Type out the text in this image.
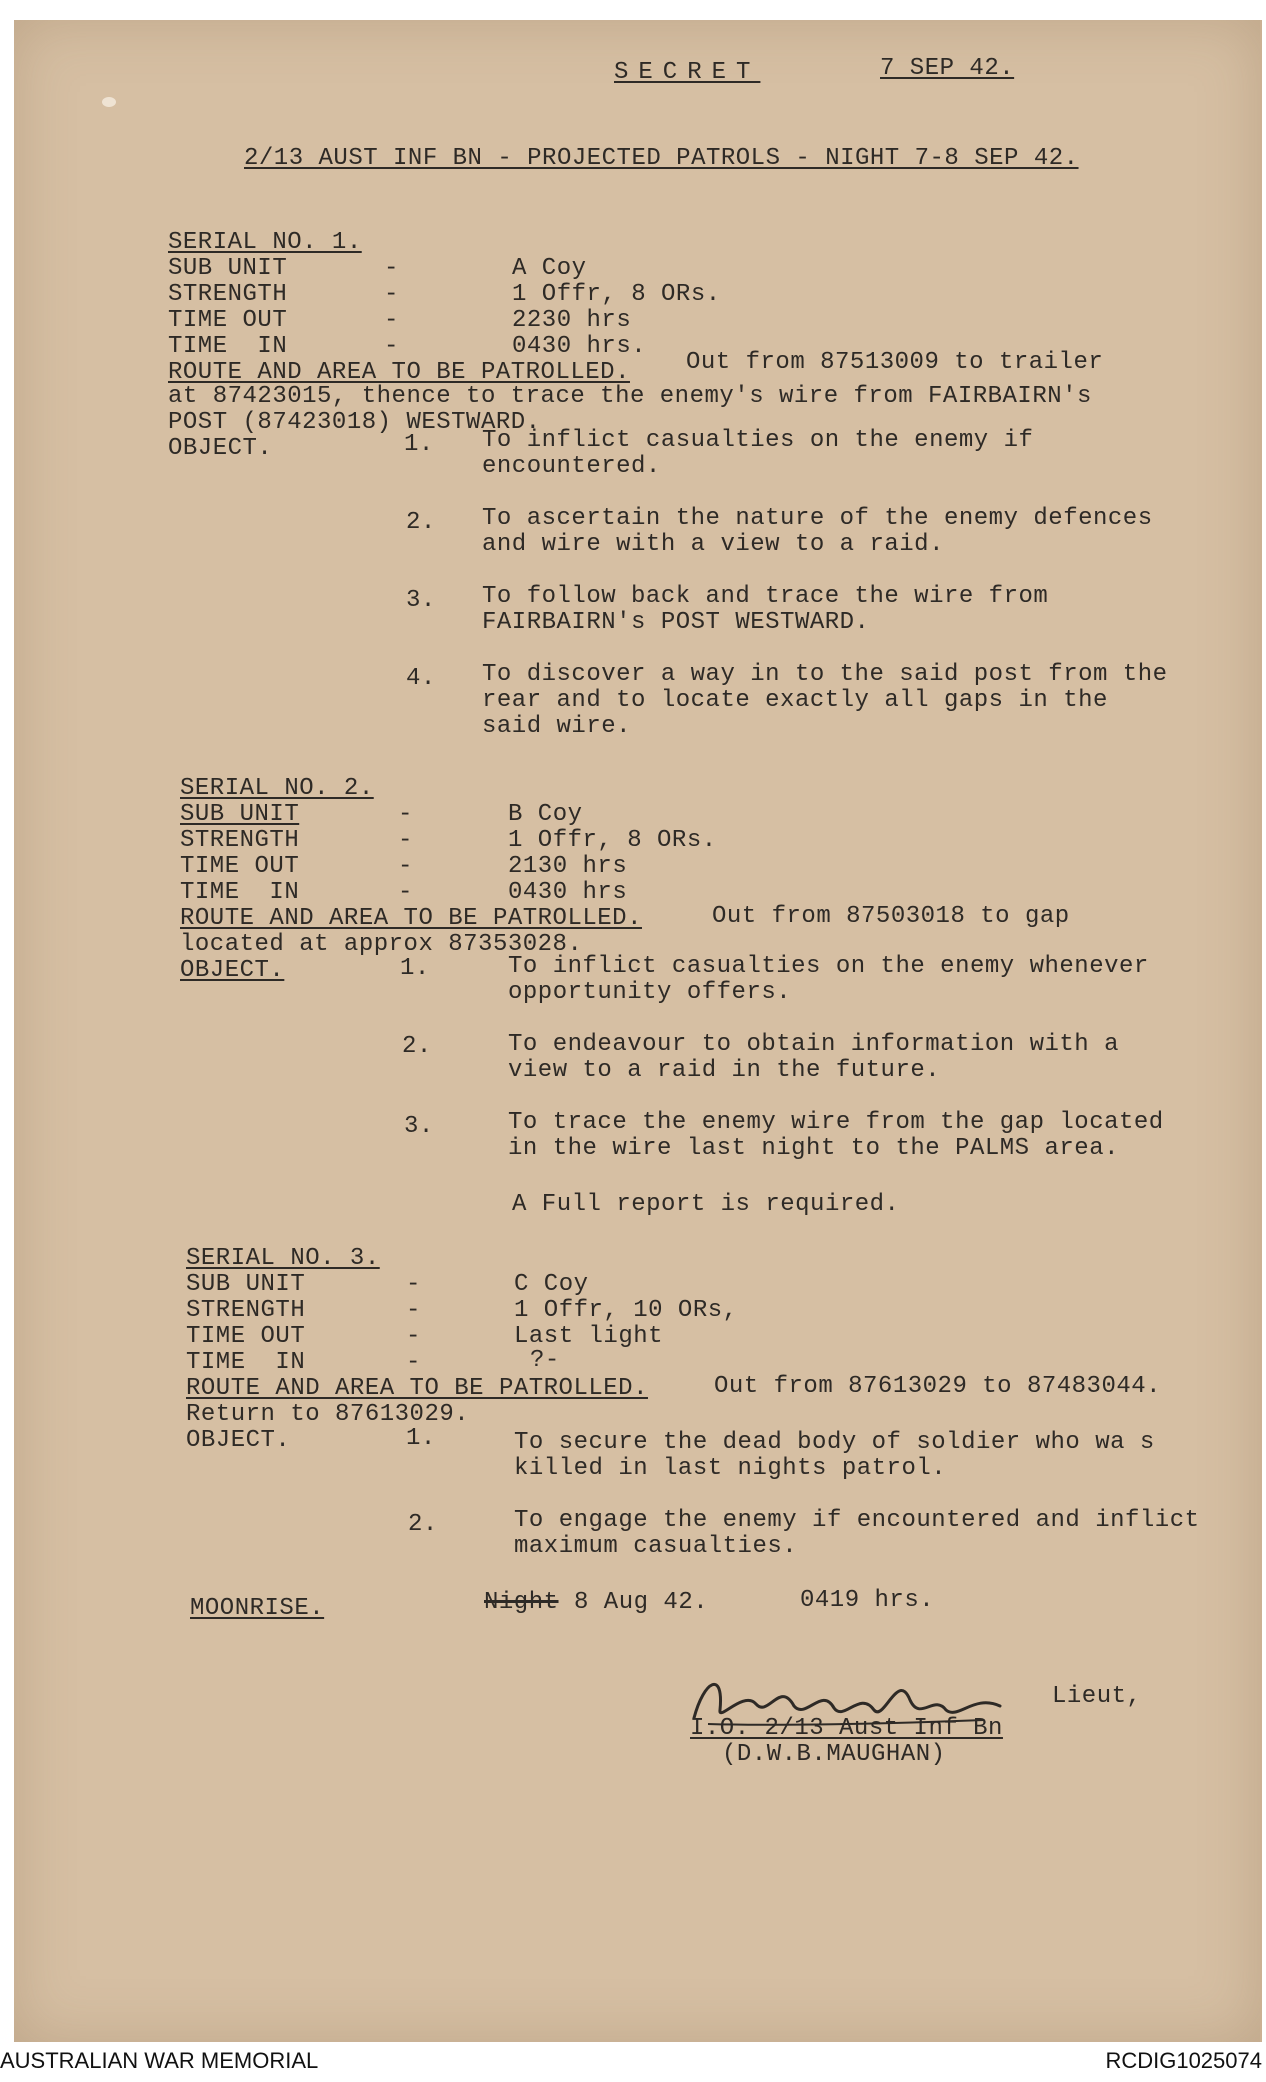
SECRET	7 SEP 42.
2/13 AUST INF BN - PROJECTED PATROLS - NIGHT 7-8 SEP 42.
SERIAL NO. 1.
SUB UNIT	-	A Coy
STRENGTH	-	1 Offr, 8 ORs.
TIME OUT	-	2230 hrs
TIME  IN	-	0430 hrs.
ROUTE AND AREA TO BE PATROLLED. Out from 87513009 to trailer
at 87423015, thence to trace the enemy's wire from FAIRBAIRN's
POST (87423018) WESTWARD.
OBJECT.	1. To inflict casualties on the enemy if
encountered.
2. To ascertain the nature of the enemy defences
and wire with a view to a raid.
3. To follow back and trace the wire from
FAIRBAIRN's POST WESTWARD.
4. To discover a way in to the said post from the
rear and to locate exactly all gaps in the
said wire.
SERIAL NO. 2.
SUB UNIT	-	B Coy
STRENGTH	-	1 Offr, 8 ORs.
TIME OUT	-	2130 hrs
TIME  IN	-	0430 hrs
ROUTE AND AREA TO BE PATROLLED.	Out from 87503018 to gap
located at approx 87353028.
OBJECT.	1.	To inflict casualties on the enemy whenever
opportunity offers.
2.	To endeavour to obtain information with a
view to a raid in the future.
3.	To trace the enemy wire from the gap located
in the wire last night to the PALMS area.
A Full report is required.
SERIAL NO. 3.
SUB UNIT	-	C Coy
STRENGTH	-	1 Offr, 10 ORs,
TIME OUT	-	Last light
TIME  IN	-	?-
ROUTE AND AREA TO BE PATROLLED.	Out from 87613029 to 87483044.
Return to 87613029.
OBJECT.	1.	To secure the dead body of soldier who wa s
killed in last nights patrol.
2.	To engage the enemy if encountered and inflict
maximum casualties.
MOONRISE.	Night 8 Aug 42.	0419 hrs.
Lieut,
I.O. 2/13 Aust Inf Bn
(D.W.B.MAUGHAN)
AUSTRALIAN WAR MEMORIAL	RCDIG1025074
